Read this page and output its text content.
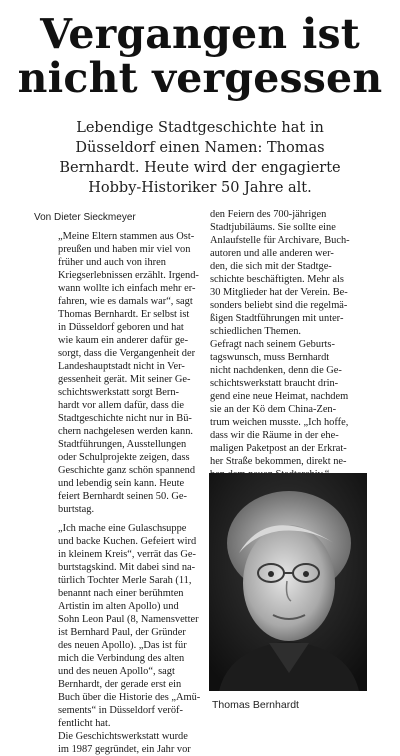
Vergangen ist
nicht vergessen
Lebendige Stadtgeschichte hat in
Düsseldorf einen Namen: Thomas
Bernhardt. Heute wird der engagierte
Hobby-Historiker 50 Jahre alt.
Von Dieter Sieckmeyer
„Meine Eltern stammen aus Ost-
preußen und haben mir viel von
früher und auch von ihren
Kriegserlebnissen erzählt. Irgend-
wann wollte ich einfach mehr er-
fahren, wie es damals war“, sagt
Thomas Bernhardt. Er selbst ist
in Düsseldorf geboren und hat
wie kaum ein anderer dafür ge-
sorgt, dass die Vergangenheit der
Landeshauptstadt nicht in Ver-
gessenheit gerät. Mit seiner Ge-
schichtswerkstatt sorgt Bern-
hardt vor allem dafür, dass die
Stadtgeschichte nicht nur in Bü-
chern nachgelesen werden kann.
Stadtführungen, Ausstellungen
oder Schulprojekte zeigen, dass
Geschichte ganz schön spannend
und lebendig sein kann. Heute
feiert Bernhardt seinen 50. Ge-
burtstag.
„Ich mache eine Gulaschsuppe
und backe Kuchen. Gefeiert wird
in kleinem Kreis“, verrät das Ge-
burtstagskind. Mit dabei sind na-
türlich Tochter Merle Sarah (11,
benannt nach einer berühmten
Artistin im alten Apollo) und
Sohn Leon Paul (8, Namensvetter
ist Bernhard Paul, der Gründer
des neuen Apollo). „Das ist für
mich die Verbindung des alten
und des neuen Apollo“, sagt
Bernhardt, der gerade erst ein
Buch über die Historie des „Amü-
sements“ in Düsseldorf veröf-
fentlicht hat.
Die Geschichtswerkstatt wurde
im 1987 gegründet, ein Jahr vor
den Feiern des 700-jährigen
Stadtjubiläums. Sie sollte eine
Anlaufstelle für Archivare, Buch-
autoren und alle anderen wer-
den, die sich mit der Stadtge-
schichte beschäftigten. Mehr als
30 Mitglieder hat der Verein. Be-
sonders beliebt sind die regelmä-
ßigen Stadtführungen mit unter-
schiedlichen Themen.
Gefragt nach seinem Geburts-
tagswunsch, muss Bernhardt
nicht nachdenken, denn die Ge-
schichtswerkstatt braucht drin-
gend eine neue Heimat, nachdem
sie an der Kö dem China-Zen-
trum weichen musste. „Ich hoffe,
dass wir die Räume in der ehe-
maligen Paketpost an der Erkrat-
her Straße bekommen, direkt ne-
Thomas Bernhardt
